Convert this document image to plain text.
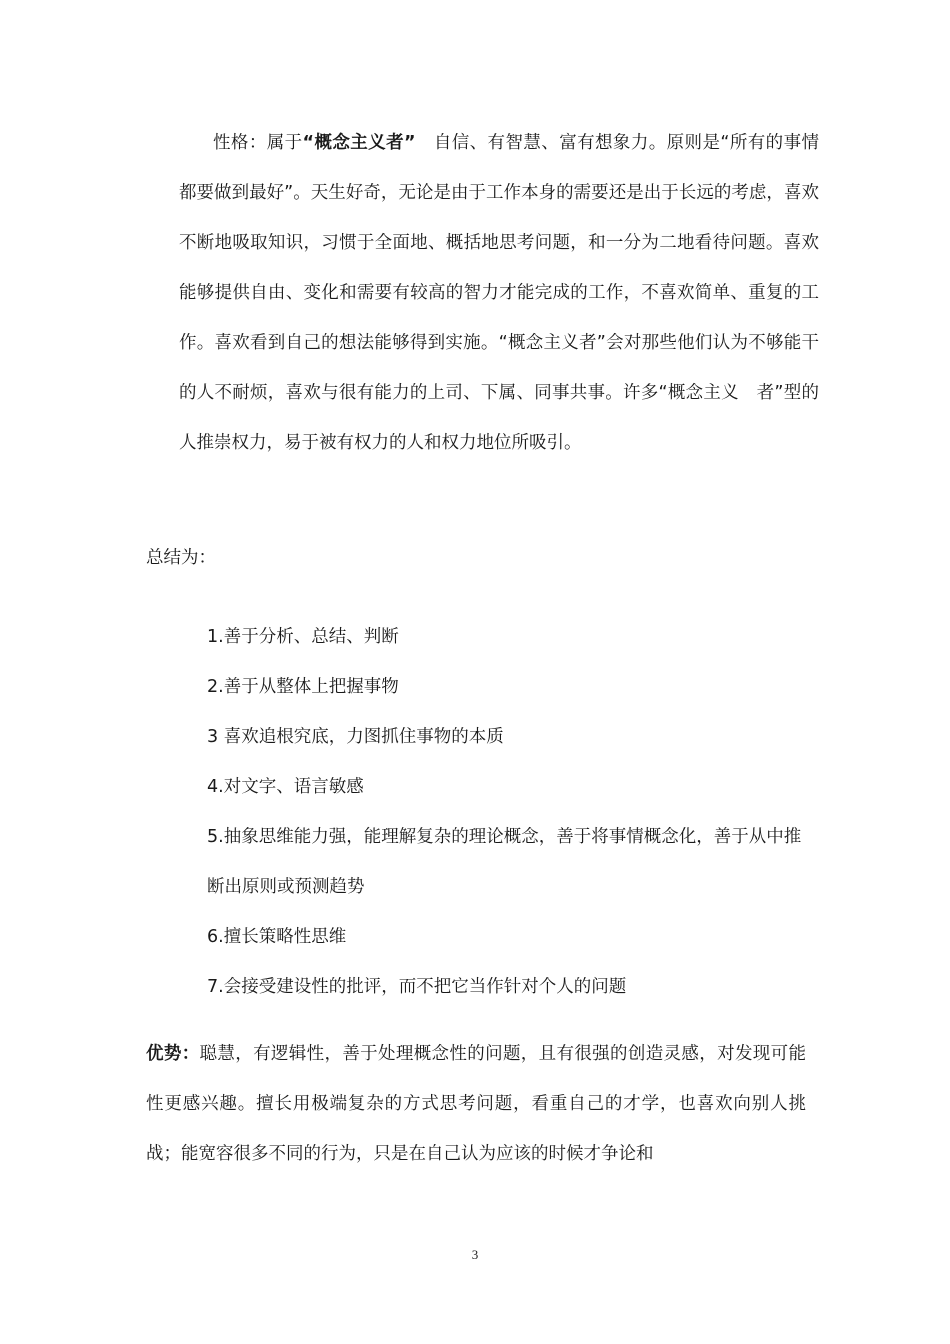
性格：属于“概念主义者”　自信、有智慧、富有想象力。原则是“所有的事情都要做到最好”。天生好奇，无论是由于工作本身的需要还是出于长远的考虑，喜欢不断地吸取知识，习惯于全面地、概括地思考问题，和一分为二地看待问题。喜欢能够提供自由、变化和需要有较高的智力才能完成的工作，不喜欢简单、重复的工作。喜欢看到自己的想法能够得到实施。“概念主义者”会对那些他们认为不够能干的人不耐烦，喜欢与很有能力的上司、下属、同事共事。许多“概念主义　者”型的人推崇权力，易于被有权力的人和权力地位所吸引。

总结为：

1.善于分析、总结、判断
2.善于从整体上把握事物
3 喜欢追根究底，力图抓住事物的本质
4.对文字、语言敏感
5.抽象思维能力强，能理解复杂的理论概念，善于将事情概念化，善于从中推断出原则或预测趋势
6.擅长策略性思维
7.会接受建设性的批评，而不把它当作针对个人的问题

优势：聪慧，有逻辑性，善于处理概念性的问题，且有很强的创造灵感，对发现可能性更感兴趣。擅长用极端复杂的方式思考问题，看重自己的才学，也喜欢向别人挑战；能宽容很多不同的行为，只是在自己认为应该的时候才争论和

3
